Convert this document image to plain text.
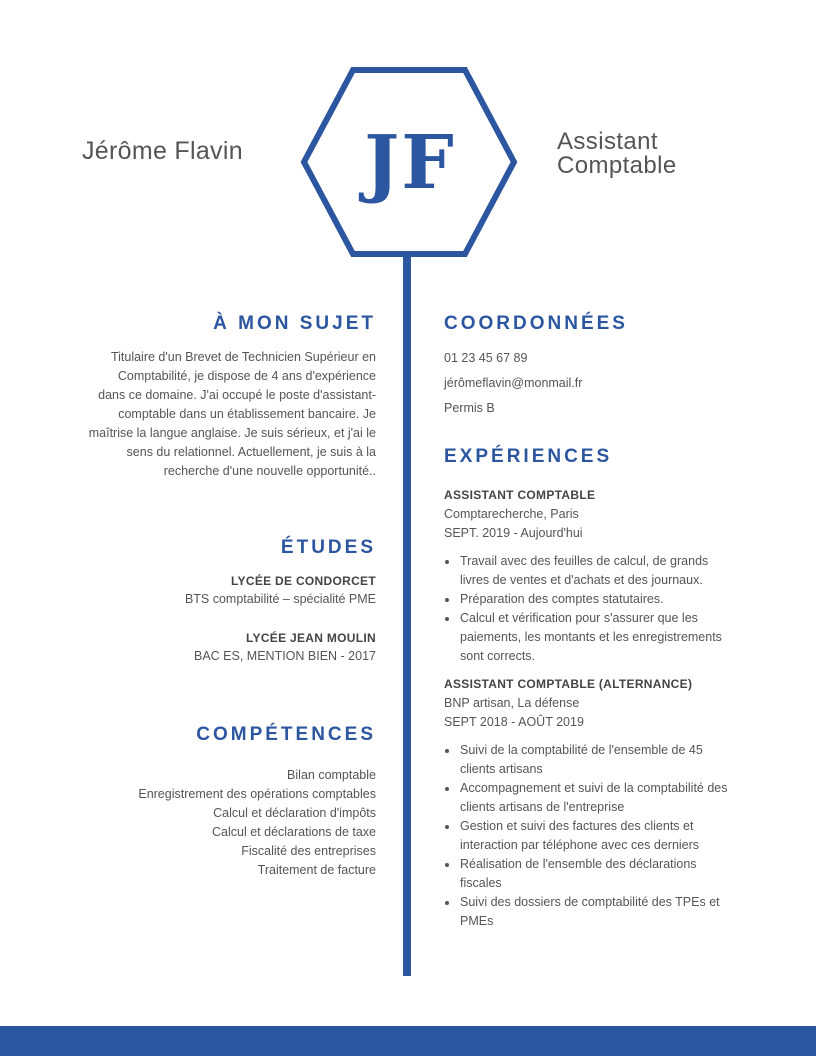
Jérôme Flavin JF	Assistant
Comptable
À MON SUJET
Titulaire d'un Brevet de Technicien Supérieur en Comptabilité, je dispose de 4 ans d'expérience dans ce domaine. J'ai occupé le poste d'assistant-comptable dans un établissement bancaire. Je maîtrise la langue anglaise. Je suis sérieux, et j'ai le sens du relationnel. Actuellement, je suis à la recherche d'une nouvelle opportunité..
ÉTUDES
LYCÉE DE CONDORCET
BTS comptabilité – spécialité PME
LYCÉE JEAN MOULIN
BAC ES, MENTION BIEN - 2017
COMPÉTENCES
Bilan comptable
Enregistrement des opérations comptables
Calcul et déclaration d'impôts
Calcul et déclarations de taxe
Fiscalité des entreprises
Traitement de facture
COORDONNÉES
01 23 45 67 89
jérômeflavin@monmail.fr
Permis B
EXPÉRIENCES
ASSISTANT COMPTABLE
Comptarecherche, Paris
SEPT. 2019 - Aujourd'hui
Travail avec des feuilles de calcul, de grands livres de ventes et d'achats et des journaux.
Préparation des comptes statutaires.
Calcul et vérification pour s'assurer que les paiements, les montants et les enregistrements sont corrects.
ASSISTANT COMPTABLE (ALTERNANCE)
BNP artisan, La défense
SEPT 2018 - AOÛT 2019
Suivi de la comptabilité de l'ensemble de 45 clients artisans
Accompagnement et suivi de la comptabilité des clients artisans de l'entreprise
Gestion et suivi des factures des clients et interaction par téléphone avec ces derniers
Réalisation de l'ensemble des déclarations fiscales
Suivi des dossiers de comptabilité des TPEs et PMEs
